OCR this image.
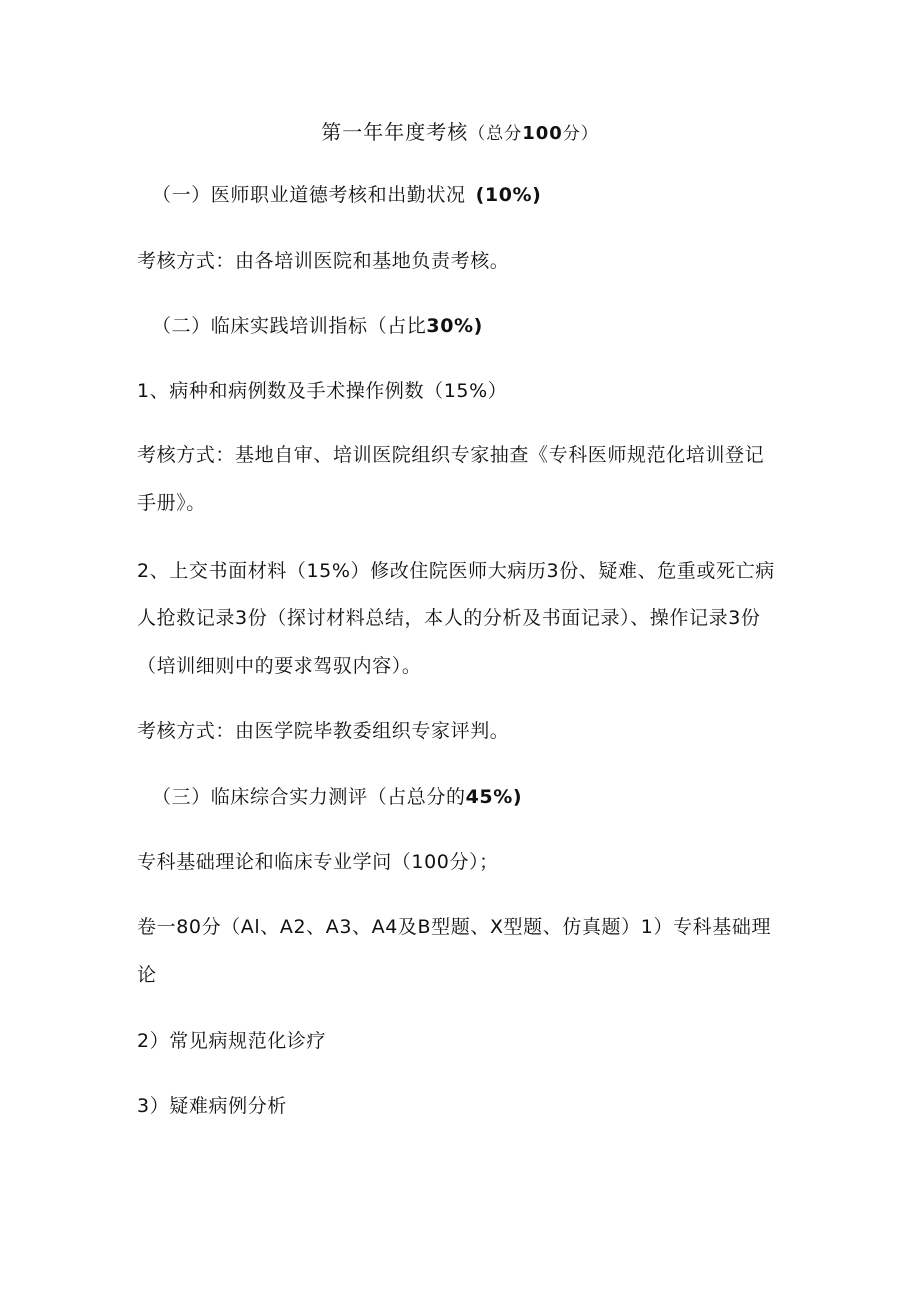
第一年年度考核（总分100分）
（一）医师职业道德考核和出勤状况 (10%)
考核方式：由各培训医院和基地负责考核。
（二）临床实践培训指标（占比30%)
1、病种和病例数及手术操作例数（15%）
考核方式：基地自审、培训医院组织专家抽查《专科医师规范化培训登记
手册》。
2、上交书面材料（15%）修改住院医师大病历3份、疑难、危重或死亡病
人抢救记录3份（探讨材料总结，本人的分析及书面记录）、操作记录3份
（培训细则中的要求驾驭内容）。
考核方式：由医学院毕教委组织专家评判。
（三）临床综合实力测评（占总分的45%)
专科基础理论和临床专业学问（100分）；
卷一80分（Al、A2、A3、A4及B型题、X型题、仿真题）1）专科基础理
论
2）常见病规范化诊疗
3）疑难病例分析
